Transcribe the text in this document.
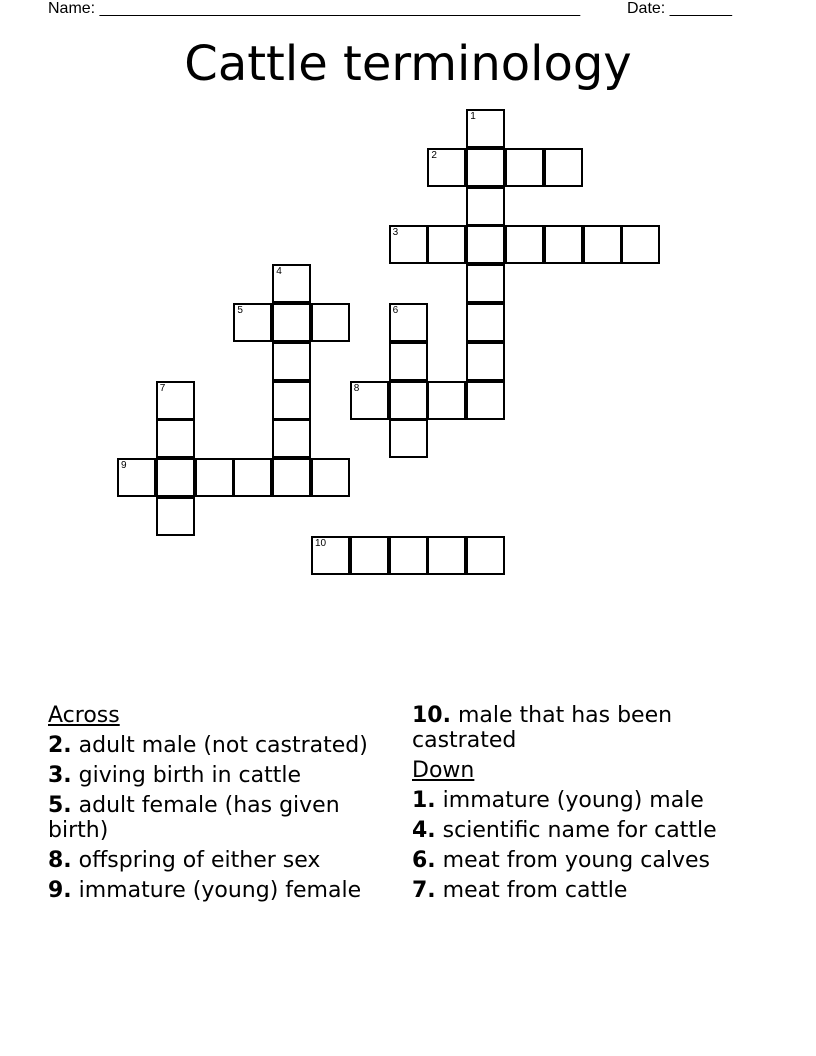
Name: ______________________________________________________	Date: _______
Cattle terminology
1
2
3
4
5	6
7	8
9
10
Across
2. adult male (not castrated)
3. giving birth in cattle
5. adult female (has given birth)
8. offspring of either sex
9. immature (young) female
10. male that has been castrated
Down
1. immature (young) male
4. scientific name for cattle
6. meat from young calves
7. meat from cattle
